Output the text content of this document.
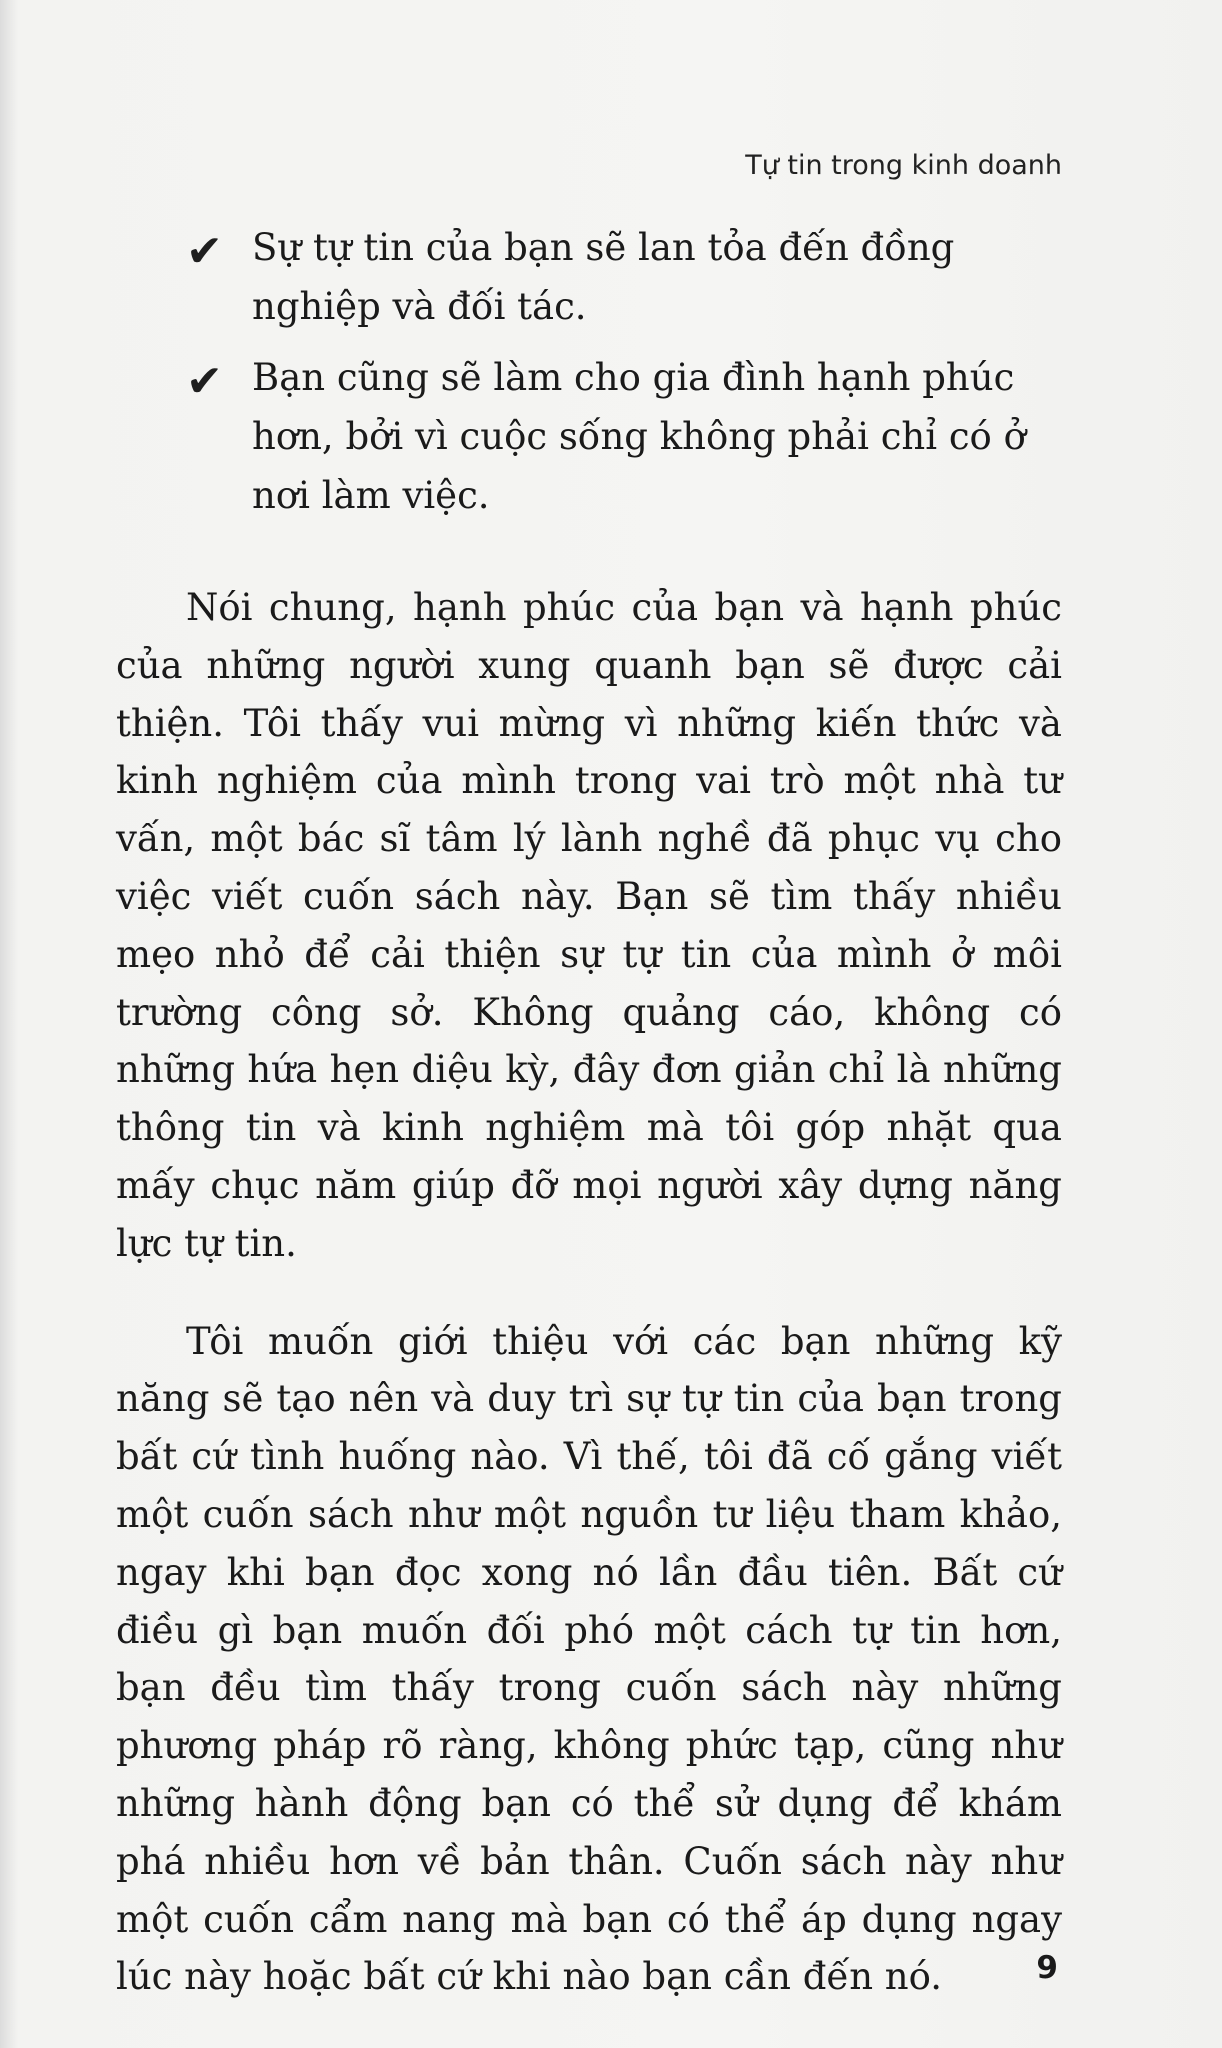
Tự tin trong kinh doanh

✔ Sự tự tin của bạn sẽ lan tỏa đến đồng nghiệp và đối tác.
✔ Bạn cũng sẽ làm cho gia đình hạnh phúc hơn, bởi vì cuộc sống không phải chỉ có ở nơi làm việc.

Nói chung, hạnh phúc của bạn và hạnh phúc của những người xung quanh bạn sẽ được cải thiện. Tôi thấy vui mừng vì những kiến thức và kinh nghiệm của mình trong vai trò một nhà tư vấn, một bác sĩ tâm lý lành nghề đã phục vụ cho việc viết cuốn sách này. Bạn sẽ tìm thấy nhiều mẹo nhỏ để cải thiện sự tự tin của mình ở môi trường công sở. Không quảng cáo, không có những hứa hẹn diệu kỳ, đây đơn giản chỉ là những thông tin và kinh nghiệm mà tôi góp nhặt qua mấy chục năm giúp đỡ mọi người xây dựng năng lực tự tin.

Tôi muốn giới thiệu với các bạn những kỹ năng sẽ tạo nên và duy trì sự tự tin của bạn trong bất cứ tình huống nào. Vì thế, tôi đã cố gắng viết một cuốn sách như một nguồn tư liệu tham khảo, ngay khi bạn đọc xong nó lần đầu tiên. Bất cứ điều gì bạn muốn đối phó một cách tự tin hơn, bạn đều tìm thấy trong cuốn sách này những phương pháp rõ ràng, không phức tạp, cũng như những hành động bạn có thể sử dụng để khám phá nhiều hơn về bản thân. Cuốn sách này như một cuốn cẩm nang mà bạn có thể áp dụng ngay lúc này hoặc bất cứ khi nào bạn cần đến nó.	9
